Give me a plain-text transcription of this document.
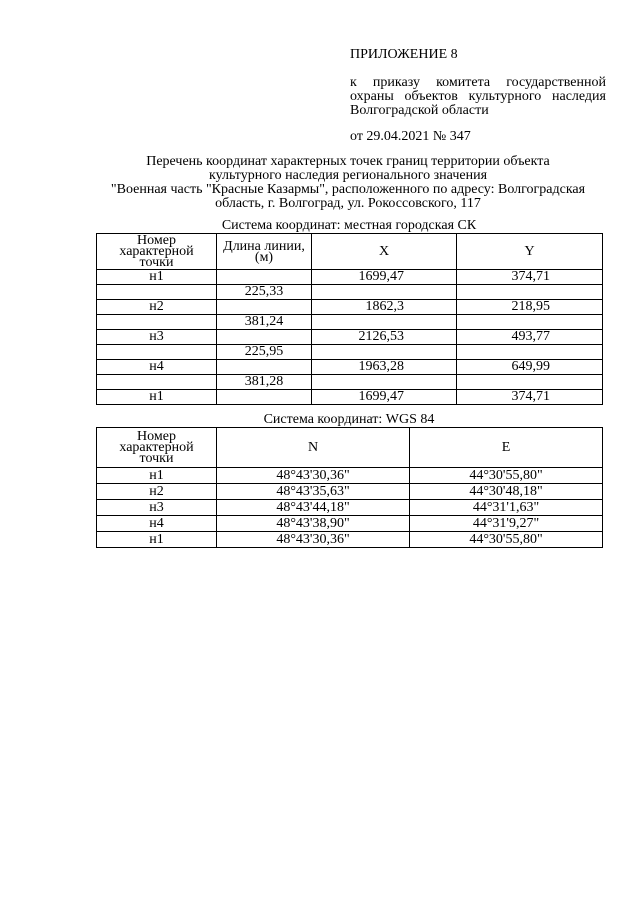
ПРИЛОЖЕНИЕ 8

к приказу комитета государственной охраны объектов культурного наследия Волгоградской области

от 29.04.2021 № 347

Перечень координат характерных точек границ территории объекта
культурного наследия регионального значения
"Военная часть "Красные Казармы", расположенного по адресу: Волгоградская
область, г. Волгоград, ул. Рокоссовского, 117
Система координат: местная городская СК
Номер характерной точки	Длина линии, (м)	X	Y
н1		1699,47	374,71
	225,33		
н2		1862,3	218,95
	381,24		
н3		2126,53	493,77
	225,95		
н4		1963,28	649,99
	381,28		
н1		1699,47	374,71
Система координат: WGS 84
Номер характерной точки	N	E
н1	48°43'30,36"	44°30'55,80"
н2	48°43'35,63"	44°30'48,18"
н3	48°43'44,18"	44°31'1,63"
н4	48°43'38,90"	44°31'9,27"
н1	48°43'30,36"	44°30'55,80"
